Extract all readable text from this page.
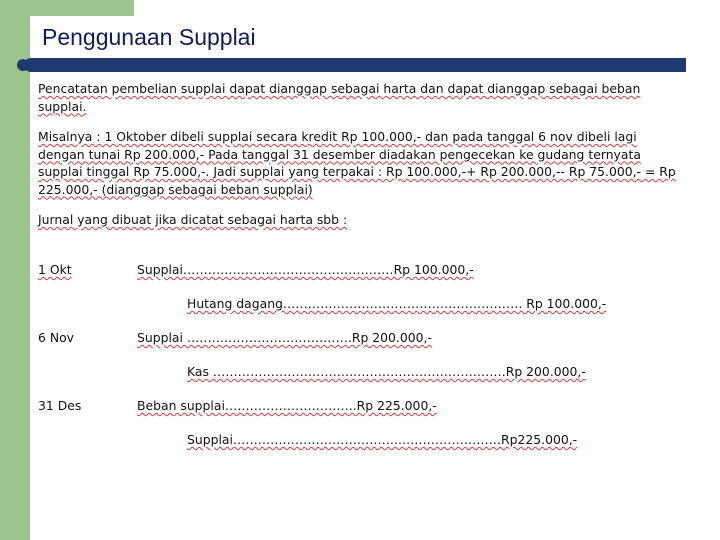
Penggunaan Supplai

Pencatatan pembelian supplai dapat dianggap sebagai harta dan dapat dianggap sebagai beban supplai.

Misalnya : 1 Oktober dibeli supplai secara kredit Rp 100.000,- dan pada tanggal 6 nov dibeli lagi dengan tunai Rp 200.000,- Pada tanggal 31 desember diadakan pengecekan ke gudang ternyata supplai tinggal Rp 75.000,-. Jadi supplai yang terpakai : Rp 100.000,-+ Rp 200.000,-- Rp 75.000,- = Rp 225.000,- (dianggap sebagai beban supplai)

Jurnal yang dibuat jika dicatat sebagai harta sbb :

1 Okt	Supplai……………………………………………Rp 100.000,-
Hutang dagang…………………………………………………. Rp 100.000,-
6 Nov	Supplai ………………………………….Rp 200.000,-
Kas ……………………………..………………………………Rp 200.000,-
31 Des	Beban supplai…………………………..Rp 225.000,-
Supplai…………………………………..……………………Rp225.000,-
